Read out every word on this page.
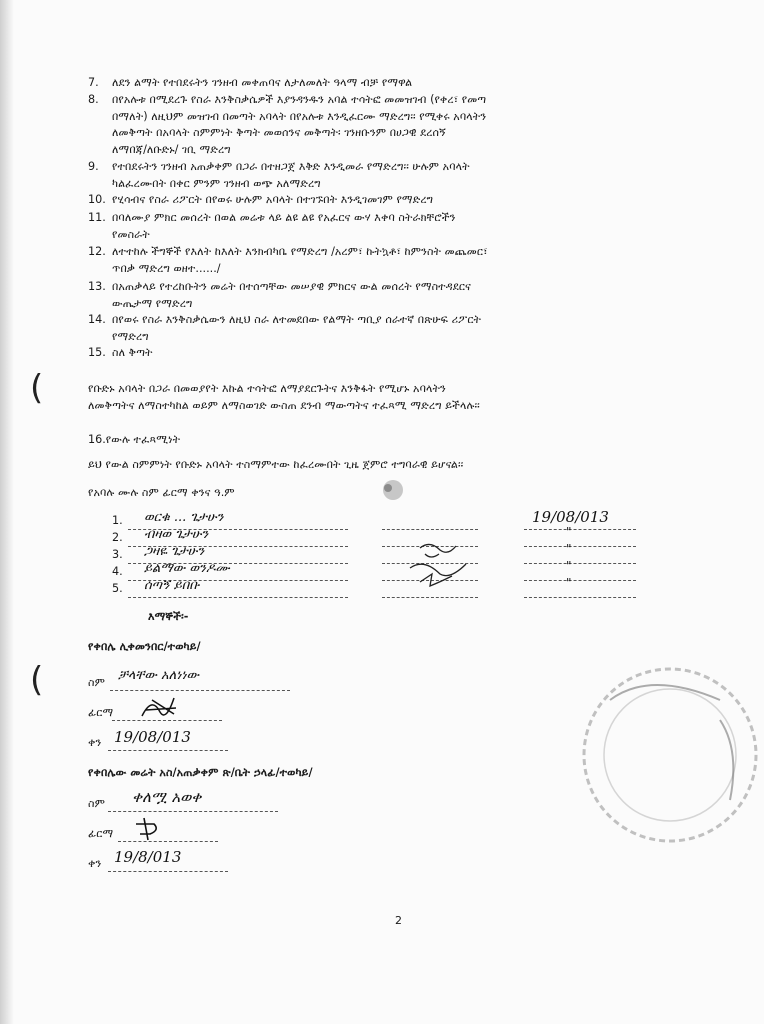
(
(
7. ለደን ልማት የተበደሩትን ገንዘብ መቀጠባና ለታለመለት ዓላማ ብቻ የማዋል
8. በየአሉቱ በሚደረጉ የስራ እንቅስቃሴዎች እያንዳንዱን አባል ተሳትፎ መመዝገብ (የቀረ፣ የመጣ
በማለት) ለዚህም መዝገብ በመጣት አባላት በየአሉቱ እንዲፈርሙ ማድረግ፡፡ የሚቀሩ አባላትን
ለመቅጣት በአባላት ስምምነት ቅጣት መወሰንና መቅጣት፡ ገንዘቡንም በሀጋዊ ደረሰኝ
ለማበጃ/ለቡድኑ/ ገቢ ማድረግ
9. የተበደሩትን ገንዘብ አጠቃቀም በጋራ በተዘጋጀ እቅድ እንዲመራ የማድረግ፡፡ ሁሉም አባላት
ካልፈረሙበት በቀር ምንም ገንዘብ ወጭ አለማድረግ
10. የሂሳብና የስራ ሪፖርት በየወሩ ሁሉም አባላት በተገኙበት እንዲገመገም የማድረግ
11. በባለሙያ ምክር መሰረት በወል መሬቱ ላይ ልዩ ልዩ የአፈርና ውሃ እቀባ ስትራክቸሮችን
የመስራት
12. ለተተከሉ ችግኞች የእለት ከእለት እንክብካቤ የማድረግ /አረም፣ ኩትኳቶ፣ ከምንስት መጨመር፣
ጥበቃ ማድረግ ወዘተ....../
13. በአጠቃላይ የተረከቡትን መሬት በተሰጣቸው መሠያዊ ምክርና ውል መሰረት የማስተዳደርና
ውጤታማ የማድረግ
14. በየወሩ የስራ እንቅስቃሴውን ለዚህ ስራ ለተመደበው የልማት ጣቢያ ሰራተኛ በጽሁፍ ሪፖርት
የማድረግ
15. ስለ ቅጣት
የቡድኑ አባላት በጋራ በመወያየት እኩል ተሳትፎ ለማያደርጉትና እንቅፋት የሚሆኑ አባላትን
ለመቅጣትና ለማስተካከል ወይም ለማስወገድ ውስጠ ደንብ ማውጣትና ተፈጻሚ ማድረግ ይችላሉ፡፡
16.የውሉ ተፈጻሚነት
ይህ የውል ስምምነት የቡድኑ አባላት ተስማምተው ከፈረሙበት ጊዜ ጀምሮ ተግባራዊ ይሆናል፡፡
የአባሉ ሙሉ ስም ፊርማ ቀንና ዓ.ም
1. ወርቁ ... ጌታሁን	19/08/013
2. ብዛወ ጌታሁን	"
3. ጋዛዬ ጌታሁን	"
4. ይልማው ወንዶሙ	"
5. ሰጣኝ ይበቡ	"
እማኞች፡-
የቀበሌ ሊቀመንበር/ተወካይ/
ስም ቻላቸው አለነነው
ፊርማ
ቀን 19/08/013
የቀበሌው መሬት አስ/አጠቃቀም ጽ/ቤት ኃላፊ/ተወካይ/
ስም ቀለሟ አወቀ
ፊርማ
ቀን 19/8/013
2
